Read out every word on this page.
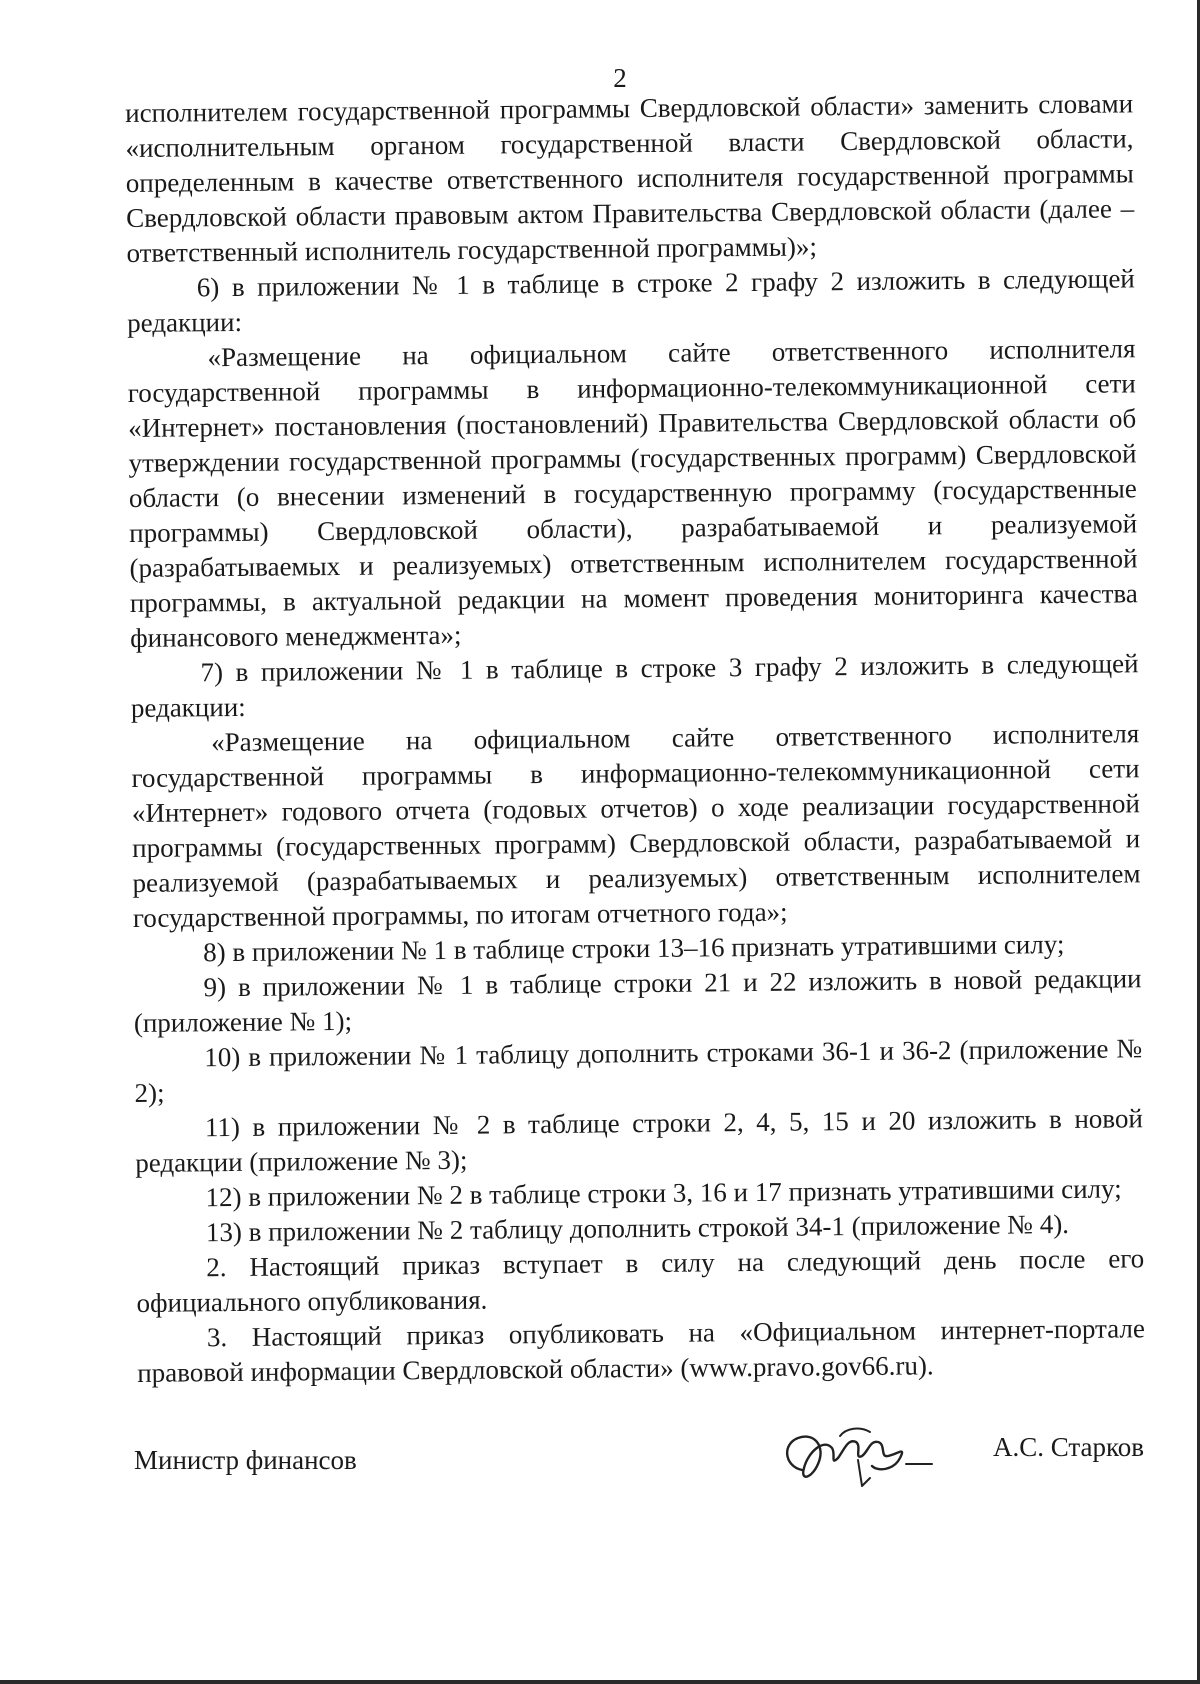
2

исполнителем государственной программы Свердловской области» заменить словами «исполнительным органом государственной власти Свердловской области, определенным в качестве ответственного исполнителя государственной программы Свердловской области правовым актом Правительства Свердловской области (далее – ответственный исполнитель государственной программы)»;

6) в приложении № 1 в таблице в строке 2 графу 2 изложить в следующей редакции:

«Размещение на официальном сайте ответственного исполнителя государственной программы в информационно-телекоммуникационной сети «Интернет» постановления (постановлений) Правительства Свердловской области об утверждении государственной программы (государственных программ) Свердловской области (о внесении изменений в государственную программу (государственные программы) Свердловской области), разрабатываемой и реализуемой (разрабатываемых и реализуемых) ответственным исполнителем государственной программы, в актуальной редакции на момент проведения мониторинга качества финансового менеджмента»;

7) в приложении № 1 в таблице в строке 3 графу 2 изложить в следующей редакции:

«Размещение на официальном сайте ответственного исполнителя государственной программы в информационно-телекоммуникационной сети «Интернет» годового отчета (годовых отчетов) о ходе реализации государственной программы (государственных программ) Свердловской области, разрабатываемой и реализуемой (разрабатываемых и реализуемых) ответственным исполнителем государственной программы, по итогам отчетного года»;

8) в приложении № 1 в таблице строки 13–16 признать утратившими силу;

9) в приложении № 1 в таблице строки 21 и 22 изложить в новой редакции (приложение № 1);

10) в приложении № 1 таблицу дополнить строками 36-1 и 36-2 (приложение № 2);

11) в приложении № 2 в таблице строки 2, 4, 5, 15 и 20 изложить в новой редакции (приложение № 3);

12) в приложении № 2 в таблице строки 3, 16 и 17 признать утратившими силу;

13) в приложении № 2 таблицу дополнить строкой 34-1 (приложение № 4).

2. Настоящий приказ вступает в силу на следующий день после его официального опубликования.

3. Настоящий приказ опубликовать на «Официальном интернет-портале правовой информации Свердловской области» (www.pravo.gov66.ru).

Министр финансов	А.С. Старков
